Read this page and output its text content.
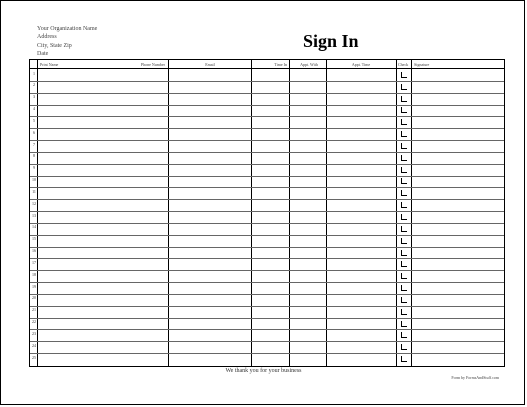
Your Organization Name
Address
City, State Zip
Date
Sign In
Print Name	Phone Number	Email	Time In	Appt. With	Appt. Time	Check	Signature
1
2
3
4
5
6
7
8
9
10
11
12
13
14
15
16
17
18
19
20
21
22
23
24
25
We thank you for your business
Form by FormsAndStuff.com
